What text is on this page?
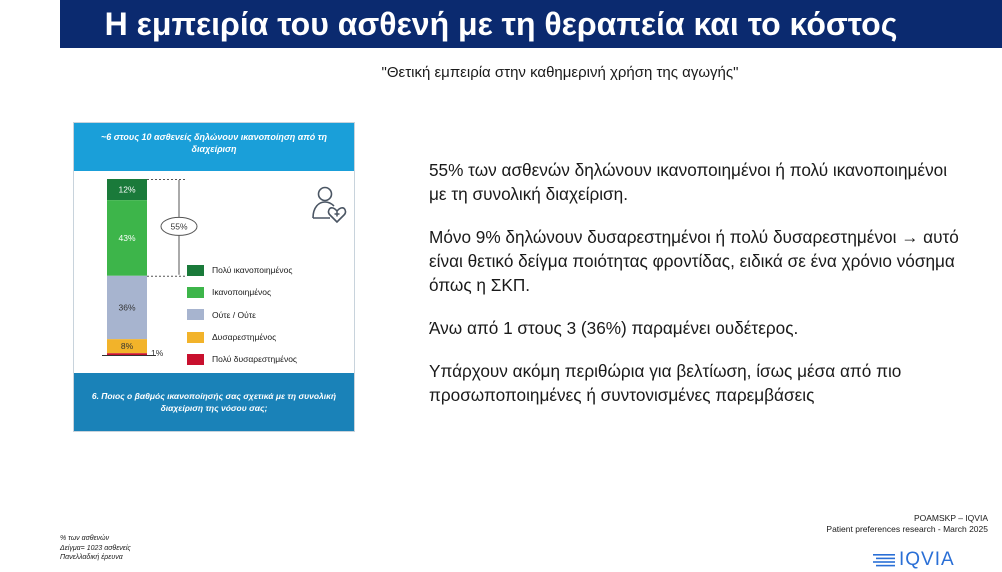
Η εμπειρία του ασθενή με τη θεραπεία και το κόστος
"Θετική εμπειρία στην καθημερινή χρήση της αγωγής"
~6 στους 10 ασθενείς δηλώνουν ικανοποίηση από τη διαχείριση
12%
43%
36%
8%
1%
55%
Πολύ ικανοποιημένος
Ικανοποιημένος
Ούτε / Ούτε
Δυσαρεστημένος
Πολύ δυσαρεστημένος
6. Ποιος ο βαθμός ικανοποίησής σας σχετικά με τη συνολική διαχείριση της νόσου σας;
55% των ασθενών δηλώνουν ικανοποιημένοι ή πολύ ικανοποιημένοι με τη συνολική διαχείριση.
Μόνο 9% δηλώνουν δυσαρεστημένοι ή πολύ δυσαρεστημένοι → αυτό είναι θετικό δείγμα ποιότητας φροντίδας, ειδικά σε ένα χρόνιο νόσημα όπως η ΣΚΠ.
Άνω από 1 στους 3 (36%) παραμένει ουδέτερος.
Υπάρχουν ακόμη περιθώρια για βελτίωση, ίσως μέσα από πιο προσωποποιημένες ή συντονισμένες παρεμβάσεις
POAMSKP – IQVIA
Patient preferences research - March 2025
IQVIA
% των ασθενών
Δείγμα= 1023 ασθενείς
Πανελλαδική έρευνα
